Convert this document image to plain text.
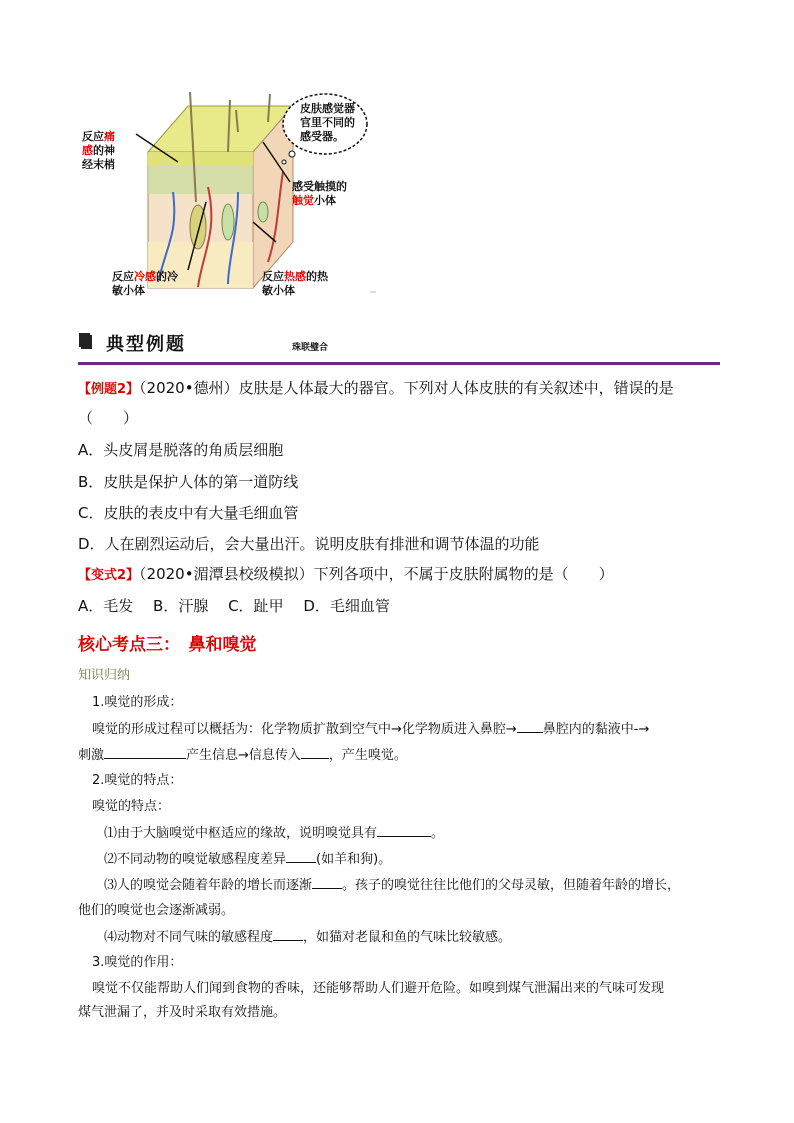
反应痛
感的神
经末梢
皮肤感觉器
官里不同的
感受器。
感受触摸的
触觉小体
反应冷感的冷
敏小体
反应热感的热
敏小体
典型例题	珠联璧合
【例题2】（2020•德州）皮肤是人体最大的器官。下列对人体皮肤的有关叙述中，错误的是
（　　）
A．头皮屑是脱落的角质层细胞
B．皮肤是保护人体的第一道防线
C．皮肤的表皮中有大量毛细血管
D．人在剧烈运动后，会大量出汗。说明皮肤有排泄和调节体温的功能
【变式2】（2020•湄潭县校级模拟）下列各项中，不属于皮肤附属物的是（　　）
A．毛发　 B．汗腺　 C．趾甲　 D．毛细血管
核心考点三：　鼻和嗅觉
知识归纳
1.嗅觉的形成：
嗅觉的形成过程可以概括为：化学物质扩散到空气中→化学物质进入鼻腔→ 鼻腔内的黏液中-→
刺激	产生信息→信息传入 ，产生嗅觉。
2.嗅觉的特点：
嗅觉的特点：
⑴由于大脑嗅觉中枢适应的缘故，说明嗅觉具有	。
⑵不同动物的嗅觉敏感程度差异 (如羊和狗)。
⑶人的嗅觉会随着年龄的增长而逐渐 。孩子的嗅觉往往比他们的父母灵敏，但随着年龄的增长，
他们的嗅觉也会逐渐减弱。
⑷动物对不同气味的敏感程度 ，如猫对老鼠和鱼的气味比较敏感。
3.嗅觉的作用：
嗅觉不仅能帮助人们闻到食物的香味，还能够帮助人们避开危险。如嗅到煤气泄漏出来的气味可发现
煤气泄漏了，并及时采取有效措施。
